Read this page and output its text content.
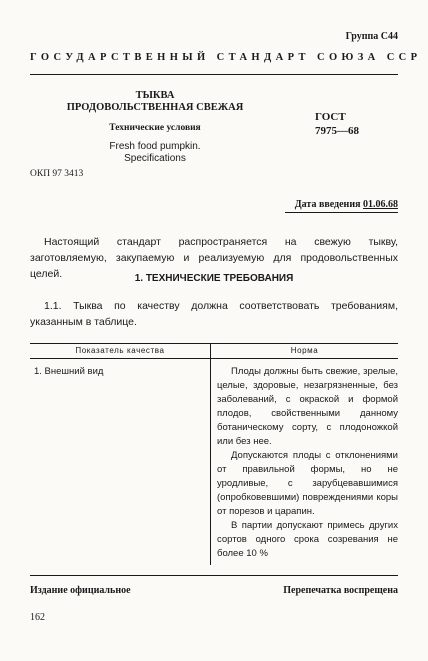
Группа С44
ГОСУДАРСТВЕННЫЙ СТАНДАРТ СОЮЗА ССР
ТЫКВА
ПРОДОВОЛЬСТВЕННАЯ СВЕЖАЯ
Технические условия
Fresh food pumpkin.
Specifications
ГОСТ
7975—68
ОКП 97 3413
Дата введения 01.06.68

Настоящий стандарт распространяется на свежую тыкву, заготовляемую, закупаемую и реализуемую для продовольственных целей.	1. ТЕХНИЧЕСКИЕ ТРЕБОВАНИЯ

1.1. Тыква по качеству должна соответствовать требованиям, указанным в таблице.

Показатель качества	Норма
1. Внешний вид	Плоды должны быть свежие, зрелые, целые, здоровые, незагрязненные, без заболеваний, с окраской и формой плодов, свойственными данному ботаническому сорту, с плодоножкой или без нее.

Допускаются плоды с отклонениями от правильной формы, но не уродливые, с зарубцевавшимися (опробковевшими) повреждениями коры от порезов и царапин.

В партии допускают примесь других сортов одного срока созревания не более 10 %

Издание официальное	Перепечатка воспрещена
162
